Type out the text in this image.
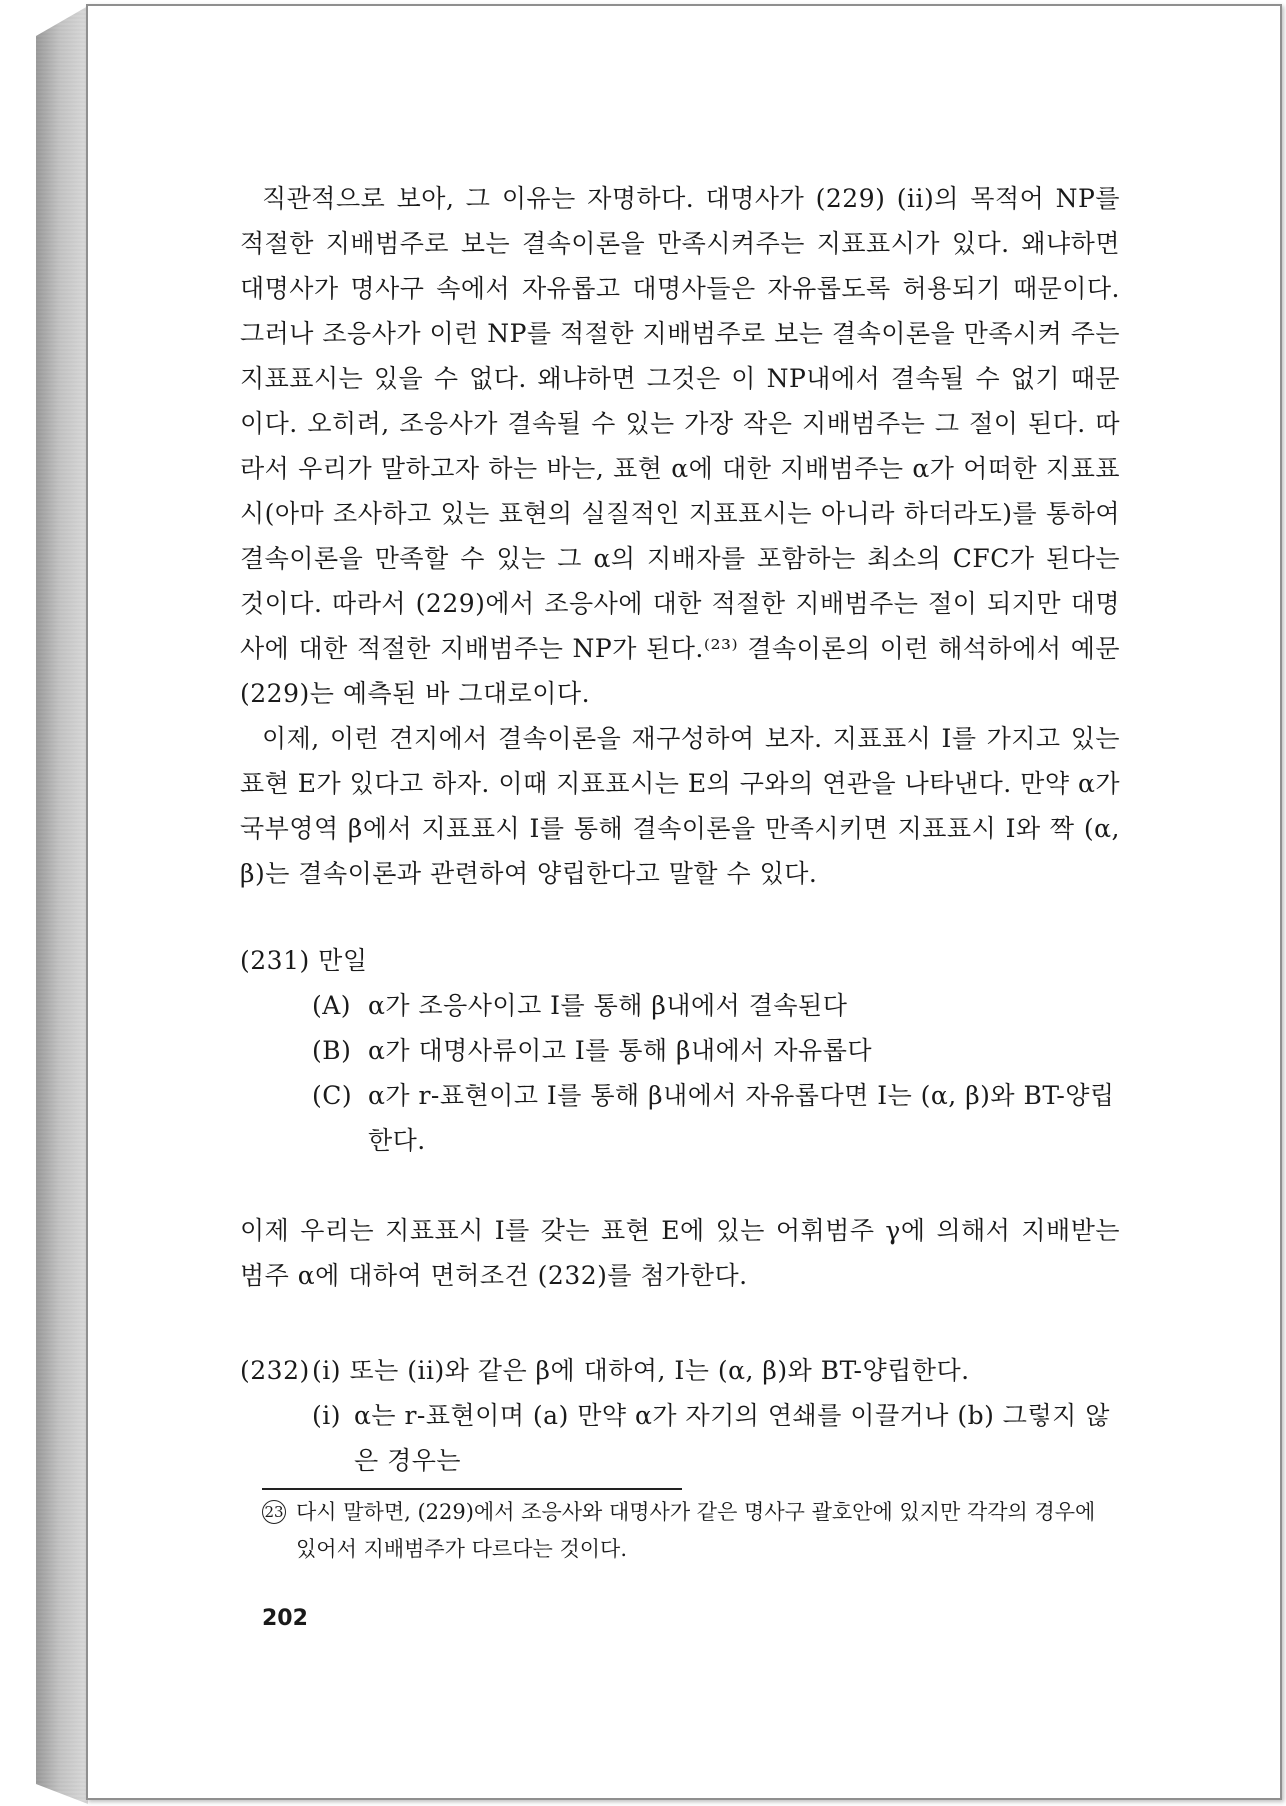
직관적으로 보아, 그 이유는 자명하다. 대명사가 (229) (ii)의 목적어 NP를 적절한 지배범주로 보는 결속이론을 만족시켜주는 지표표시가 있다. 왜냐하면 대명사가 명사구 속에서 자유롭고 대명사들은 자유롭도록 허용되기 때문이다. 그러나 조응사가 이런 NP를 적절한 지배범주로 보는 결속이론을 만족시켜 주는 지표표시는 있을 수 없다. 왜냐하면 그것은 이 NP내에서 결속될 수 없기 때문이다. 오히려, 조응사가 결속될 수 있는 가장 작은 지배범주는 그 절이 된다. 따라서 우리가 말하고자 하는 바는, 표현 α에 대한 지배범주는 α가 어떠한 지표표시(아마 조사하고 있는 표현의 실질적인 지표표시는 아니라 하더라도)를 통하여 결속이론을 만족할 수 있는 그 α의 지배자를 포함하는 최소의 CFC가 된다는 것이다. 따라서 (229)에서 조응사에 대한 적절한 지배범주는 절이 되지만 대명사에 대한 적절한 지배범주는 NP가 된다.⁽²³⁾ 결속이론의 이런 해석하에서 예문 (229)는 예측된 바 그대로이다.

이제, 이런 견지에서 결속이론을 재구성하여 보자. 지표표시 I를 가지고 있는 표현 E가 있다고 하자. 이때 지표표시는 E의 구와의 연관을 나타낸다. 만약 α가 국부영역 β에서 지표표시 I를 통해 결속이론을 만족시키면 지표표시 I와 짝 (α, β)는 결속이론과 관련하여 양립한다고 말할 수 있다.

(231) 만일

(A) α가 조응사이고 I를 통해 β내에서 결속된다
(B) α가 대명사류이고 I를 통해 β내에서 자유롭다
(C) α가 r-표현이고 I를 통해 β내에서 자유롭다면 I는 (α, β)와 BT-양립한다.

이제 우리는 지표표시 I를 갖는 표현 E에 있는 어휘범주 γ에 의해서 지배받는 범주 α에 대하여 면허조건 (232)를 첨가한다.

(232) (i) 또는 (ii)와 같은 β에 대하여, I는 (α, β)와 BT-양립한다.
(i) α는 r-표현이며 (a) 만약 α가 자기의 연쇄를 이끌거나 (b) 그렇지 않은 경우는
23 다시 말하면, (229)에서 조응사와 대명사가 같은 명사구 괄호안에 있지만 각각의 경우에 있어서 지배범주가 다르다는 것이다.
202
